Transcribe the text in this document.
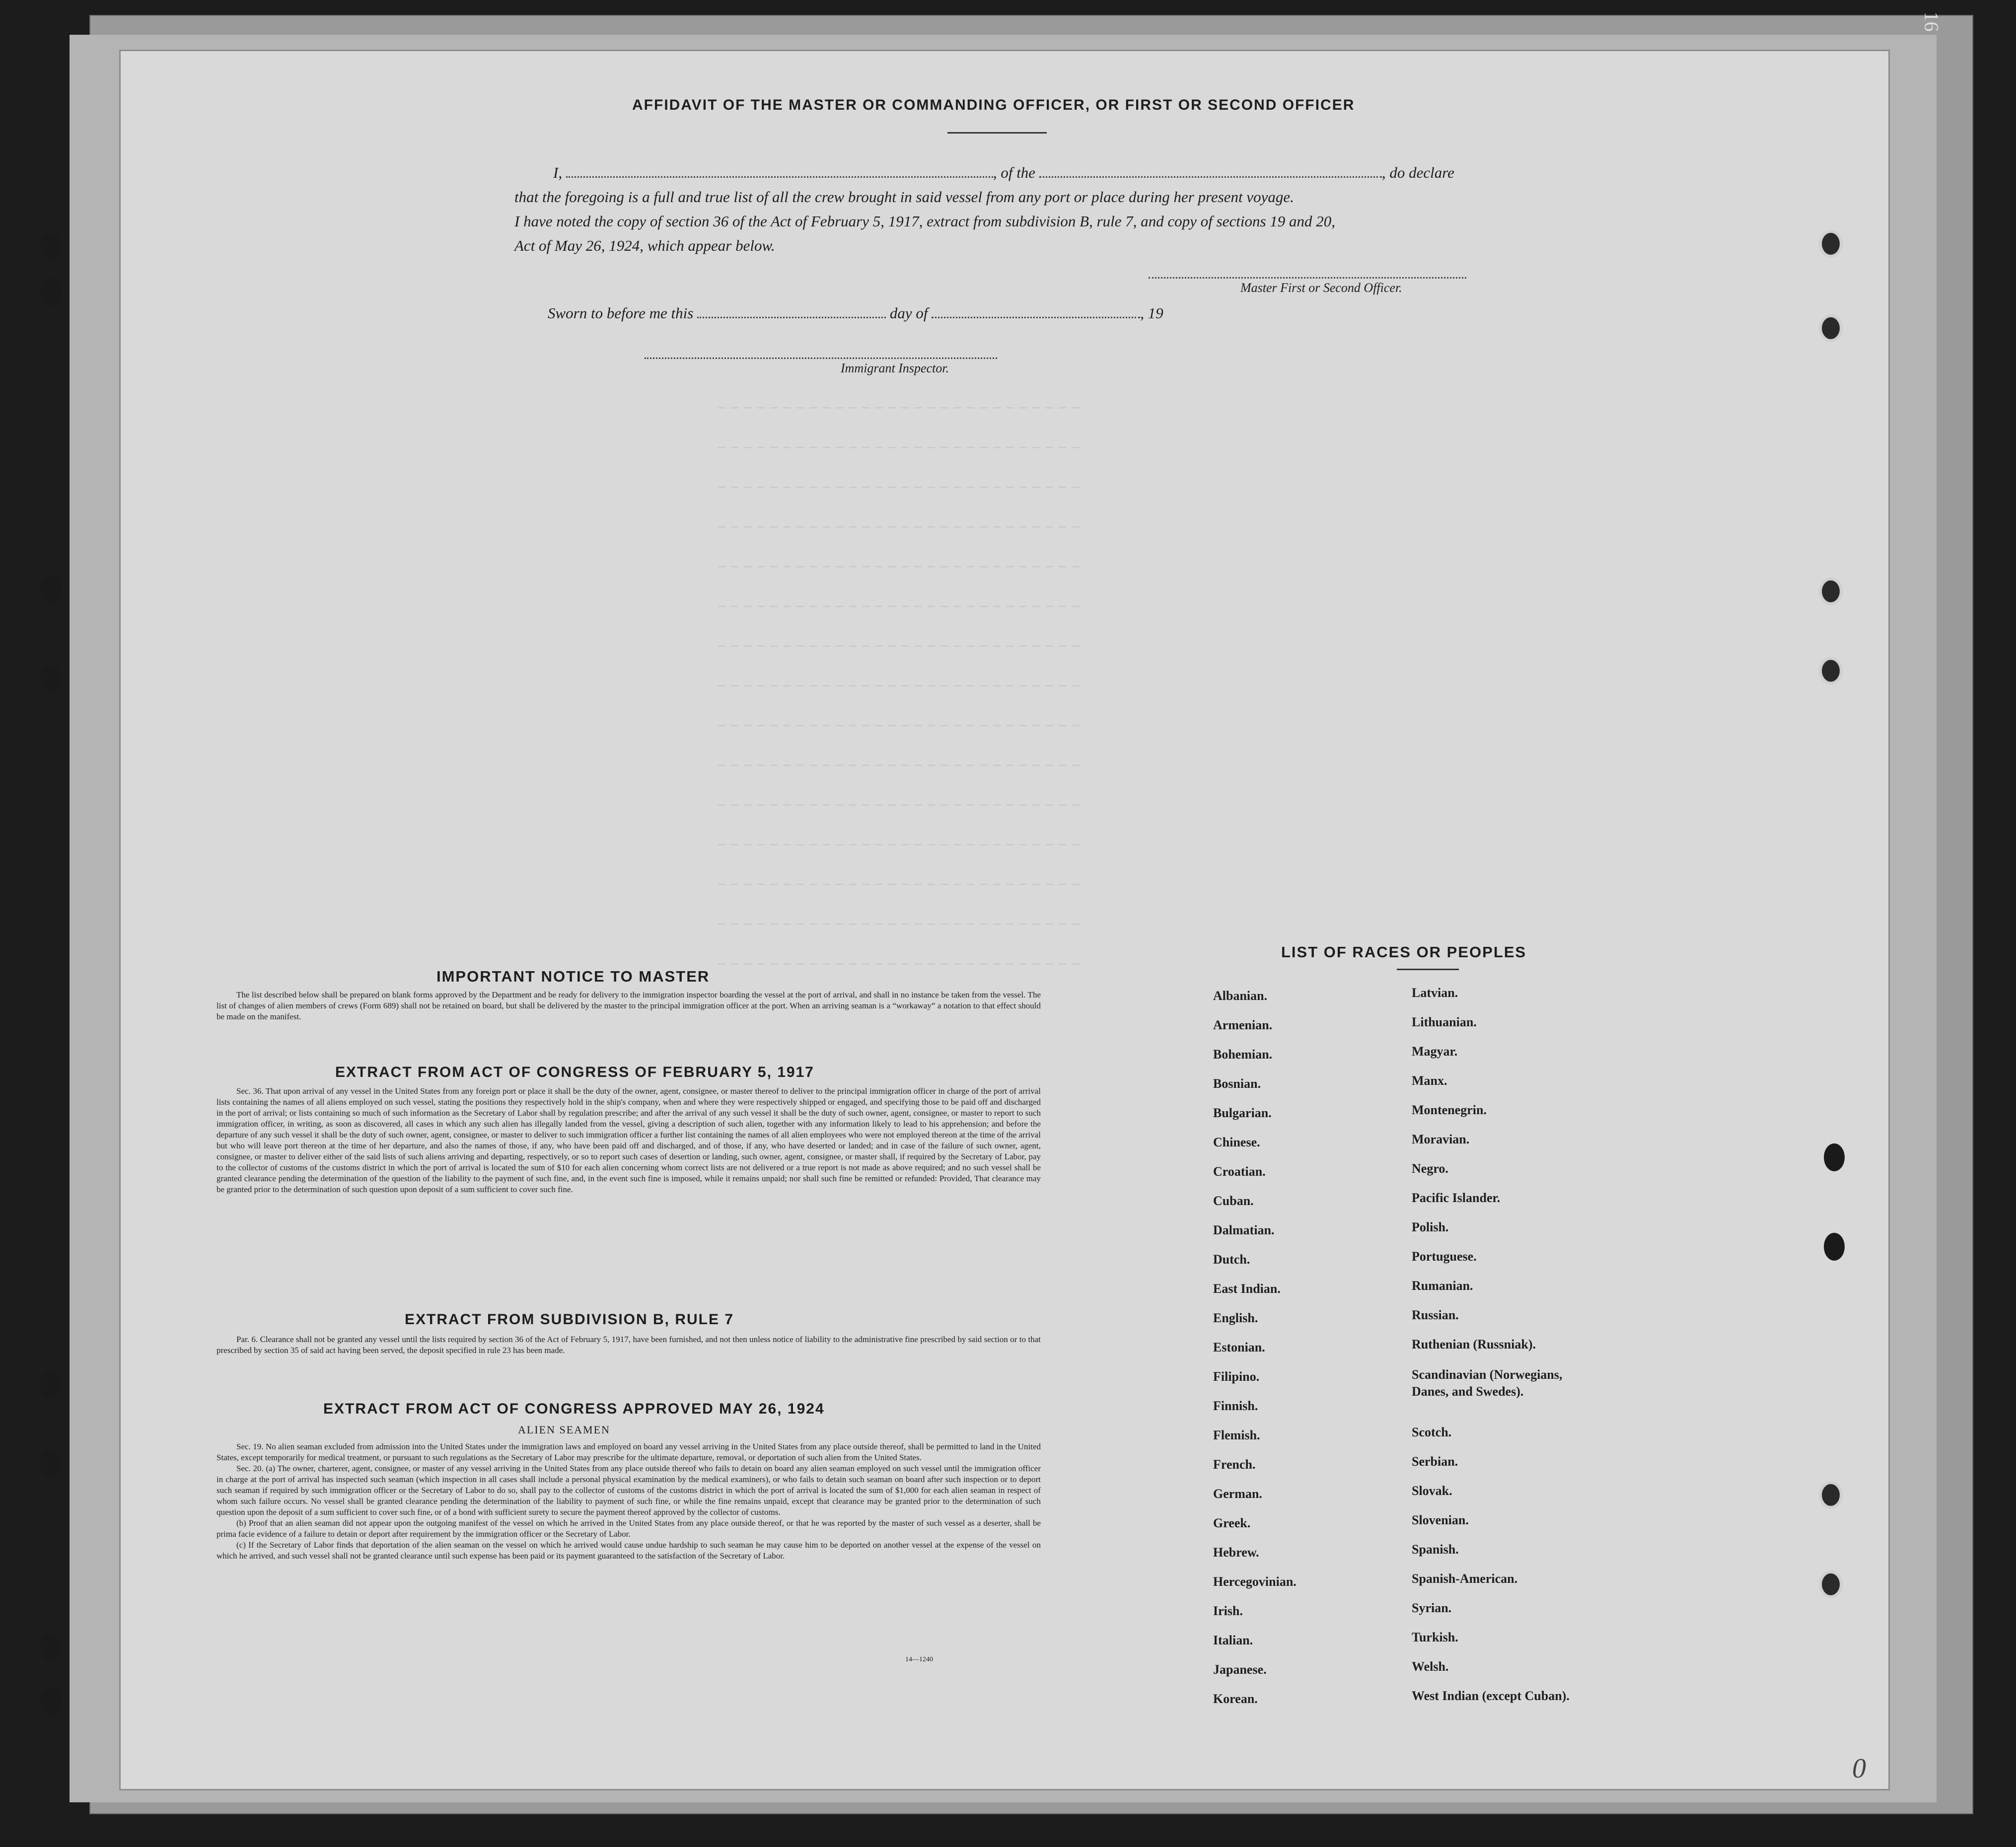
‒‒‒‒‒‒‒‒‒‒‒‒‒‒‒‒‒‒‒‒‒‒‒‒‒‒‒‒
‒‒‒‒‒‒‒‒‒‒‒‒‒‒‒‒‒‒‒‒‒‒‒‒‒‒‒‒
‒‒‒‒‒‒‒‒‒‒‒‒‒‒‒‒‒‒‒‒‒‒‒‒‒‒‒‒
‒‒‒‒‒‒‒‒‒‒‒‒‒‒‒‒‒‒‒‒‒‒‒‒‒‒‒‒
‒‒‒‒‒‒‒‒‒‒‒‒‒‒‒‒‒‒‒‒‒‒‒‒‒‒‒‒
‒‒‒‒‒‒‒‒‒‒‒‒‒‒‒‒‒‒‒‒‒‒‒‒‒‒‒‒
‒‒‒‒‒‒‒‒‒‒‒‒‒‒‒‒‒‒‒‒‒‒‒‒‒‒‒‒
‒‒‒‒‒‒‒‒‒‒‒‒‒‒‒‒‒‒‒‒‒‒‒‒‒‒‒‒
‒‒‒‒‒‒‒‒‒‒‒‒‒‒‒‒‒‒‒‒‒‒‒‒‒‒‒‒
‒‒‒‒‒‒‒‒‒‒‒‒‒‒‒‒‒‒‒‒‒‒‒‒‒‒‒‒
‒‒‒‒‒‒‒‒‒‒‒‒‒‒‒‒‒‒‒‒‒‒‒‒‒‒‒‒
‒‒‒‒‒‒‒‒‒‒‒‒‒‒‒‒‒‒‒‒‒‒‒‒‒‒‒‒
‒‒‒‒‒‒‒‒‒‒‒‒‒‒‒‒‒‒‒‒‒‒‒‒‒‒‒‒
‒‒‒‒‒‒‒‒‒‒‒‒‒‒‒‒‒‒‒‒‒‒‒‒‒‒‒‒
‒‒‒‒‒‒‒‒‒‒‒‒‒‒‒‒‒‒‒‒‒‒‒‒‒‒‒‒
AFFIDAVIT OF THE MASTER OR COMMANDING OFFICER, OR FIRST OR SECOND OFFICER
I,	, of the	, do declare
that the foregoing is a full and true list of all the crew brought in said vessel from any port or place during her present voyage.
I have noted the copy of section 36 of the Act of February 5, 1917, extract from subdivision B, rule 7, and copy of sections 19 and 20,
Act of May 26, 1924, which appear below.
Master First or Second Officer.
Sworn to before me this	day of	, 19
Immigrant Inspector.
IMPORTANT NOTICE TO MASTER
The list described below shall be prepared on blank forms approved by the Department and be ready for delivery to the immigration inspector boarding the vessel at the port of arrival, and shall in no instance be taken from the vessel. The list of changes of alien members of crews (Form 689) shall not be retained on board, but shall be delivered by the master to the principal immigration officer at the port. When an arriving seaman is a “workaway” a notation to that effect should be made on the manifest.
EXTRACT FROM ACT OF CONGRESS OF FEBRUARY 5, 1917
Sec. 36. That upon arrival of any vessel in the United States from any foreign port or place it shall be the duty of the owner, agent, consignee, or master thereof to deliver to the principal immigration officer in charge of the port of arrival lists containing the names of all aliens employed on such vessel, stating the positions they respectively hold in the ship's company, when and where they were respectively shipped or engaged, and specifying those to be paid off and discharged in the port of arrival; or lists containing so much of such information as the Secretary of Labor shall by regulation prescribe; and after the arrival of any such vessel it shall be the duty of such owner, agent, consignee, or master to report to such immigration officer, in writing, as soon as discovered, all cases in which any such alien has illegally landed from the vessel, giving a description of such alien, together with any information likely to lead to his apprehension; and before the departure of any such vessel it shall be the duty of such owner, agent, consignee, or master to deliver to such immigration officer a further list containing the names of all alien employees who were not employed thereon at the time of the arrival but who will leave port thereon at the time of her departure, and also the names of those, if any, who have been paid off and discharged, and of those, if any, who have deserted or landed; and in case of the failure of such owner, agent, consignee, or master to deliver either of the said lists of such aliens arriving and departing, respectively, or so to report such cases of desertion or landing, such owner, agent, consignee, or master shall, if required by the Secretary of Labor, pay to the collector of customs of the customs district in which the port of arrival is located the sum of $10 for each alien concerning whom correct lists are not delivered or a true report is not made as above required; and no such vessel shall be granted clearance pending the determination of the question of the liability to the payment of such fine, and, in the event such fine is imposed, while it remains unpaid; nor shall such fine be remitted or refunded: Provided, That clearance may be granted prior to the determination of such question upon deposit of a sum sufficient to cover such fine.
EXTRACT FROM SUBDIVISION B, RULE 7
Par. 6. Clearance shall not be granted any vessel until the lists required by section 36 of the Act of February 5, 1917, have been furnished, and not then unless notice of liability to the administrative fine prescribed by said section or to that prescribed by section 35 of said act having been served, the deposit specified in rule 23 has been made.
EXTRACT FROM ACT OF CONGRESS APPROVED MAY 26, 1924
ALIEN SEAMEN
Sec. 19. No alien seaman excluded from admission into the United States under the immigration laws and employed on board any vessel arriving in the United States from any place outside thereof, shall be permitted to land in the United States, except temporarily for medical treatment, or pursuant to such regulations as the Secretary of Labor may prescribe for the ultimate departure, removal, or deportation of such alien from the United States.
Sec. 20. (a) The owner, charterer, agent, consignee, or master of any vessel arriving in the United States from any place outside thereof who fails to detain on board any alien seaman employed on such vessel until the immigration officer in charge at the port of arrival has inspected such seaman (which inspection in all cases shall include a personal physical examination by the medical examiners), or who fails to detain such seaman on board after such inspection or to deport such seaman if required by such immigration officer or the Secretary of Labor to do so, shall pay to the collector of customs of the customs district in which the port of arrival is located the sum of $1,000 for each alien seaman in respect of whom such failure occurs. No vessel shall be granted clearance pending the determination of the liability to payment of such fine, or while the fine remains unpaid, except that clearance may be granted prior to the determination of such question upon the deposit of a sum sufficient to cover such fine, or of a bond with sufficient surety to secure the payment thereof approved by the collector of customs.
(b) Proof that an alien seaman did not appear upon the outgoing manifest of the vessel on which he arrived in the United States from any place outside thereof, or that he was reported by the master of such vessel as a deserter, shall be prima facie evidence of a failure to detain or deport after requirement by the immigration officer or the Secretary of Labor.
(c) If the Secretary of Labor finds that deportation of the alien seaman on the vessel on which he arrived would cause undue hardship to such seaman he may cause him to be deported on another vessel at the expense of the vessel on which he arrived, and such vessel shall not be granted clearance until such expense has been paid or its payment guaranteed to the satisfaction of the Secretary of Labor.
14—1240
LIST OF RACES OR PEOPLES
Albanian.
Armenian.
Bohemian.
Bosnian.
Bulgarian.
Chinese.
Croatian.
Cuban.
Dalmatian.
Dutch.
East Indian.
English.
Estonian.
Filipino.
Finnish.
Flemish.
French.
German.
Greek.
Hebrew.
Hercegovinian.
Irish.
Italian.
Japanese.
Korean.
Latvian.
Lithuanian.
Magyar.
Manx.
Montenegrin.
Moravian.
Negro.
Pacific Islander.
Polish.
Portuguese.
Rumanian.
Russian.
Ruthenian (Russniak).
Scandinavian (Norwegians, Danes, and Swedes).
Scotch.
Serbian.
Slovak.
Slovenian.
Spanish.
Spanish-American.
Syrian.
Turkish.
Welsh.
West Indian (except Cuban).
16
0
